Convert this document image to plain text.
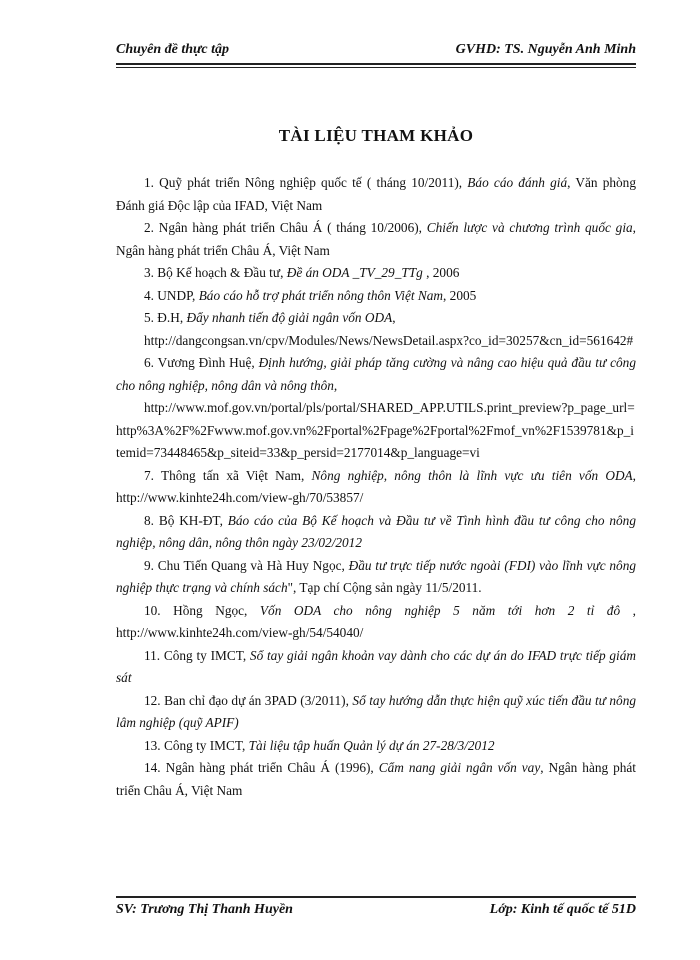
Chuyên đề thực tập	GVHD: TS. Nguyễn Anh Minh
TÀI LIỆU THAM KHẢO

1. Quỹ phát triển Nông nghiệp quốc tế ( tháng 10/2011), Báo cáo đánh giá, Văn phòng Đánh giá Độc lập của IFAD, Việt Nam

2. Ngân hàng phát triển Châu Á ( tháng 10/2006), Chiến lược và chương trình quốc gia, Ngân hàng phát triển Châu Á, Việt Nam

3. Bộ Kế hoạch & Đầu tư, Đề án ODA _TV_29_TTg , 2006

4. UNDP, Báo cáo hỗ trợ phát triển nông thôn Việt Nam, 2005

5. Đ.H, Đẩy nhanh tiến độ giải ngân vốn ODA,

http://dangcongsan.vn/cpv/Modules/News/NewsDetail.aspx?co_id=30257&cn_id=561642#

6. Vương Đình Huệ, Định hướng, giải pháp tăng cường và nâng cao hiệu quả đầu tư công cho nông nghiệp, nông dân và nông thôn,

http://www.mof.gov.vn/portal/pls/portal/SHARED_APP.UTILS.print_preview?p_page_url=http%3A%2F%2Fwww.mof.gov.vn%2Fportal%2Fpage%2Fportal%2Fmof_vn%2F1539781&p_itemid=73448465&p_siteid=33&p_persid=2177014&p_language=vi

7. Thông tấn xã Việt Nam, Nông nghiệp, nông thôn là lĩnh vực ưu tiên vốn ODA, http://www.kinhte24h.com/view-gh/70/53857/

8. Bộ KH-ĐT, Báo cáo của Bộ Kế hoạch và Đầu tư về Tình hình đầu tư công cho nông nghiệp, nông dân, nông thôn ngày 23/02/2012

9. Chu Tiến Quang và Hà Huy Ngọc, Đầu tư trực tiếp nước ngoài (FDI) vào lĩnh vực nông nghiệp thực trạng và chính sách", Tạp chí Cộng sản ngày 11/5/2011.

10. Hồng Ngọc, Vốn ODA cho nông nghiệp 5 năm tới hơn 2 tỉ đô , http://www.kinhte24h.com/view-gh/54/54040/

11. Công ty IMCT, Sổ tay giải ngân khoản vay dành cho các dự án do IFAD trực tiếp giám sát

12. Ban chỉ đạo dự án 3PAD (3/2011), Sổ tay hướng dẫn thực hiện quỹ xúc tiến đầu tư nông lâm nghiệp (quỹ APIF)

13. Công ty IMCT, Tài liệu tập huấn Quản lý dự án 27-28/3/2012

14. Ngân hàng phát triển Châu Á (1996), Cẩm nang giải ngân vốn vay, Ngân hàng phát triển Châu Á, Việt Nam

SV: Trương Thị Thanh Huyền	Lớp: Kinh tế quốc tế 51D
